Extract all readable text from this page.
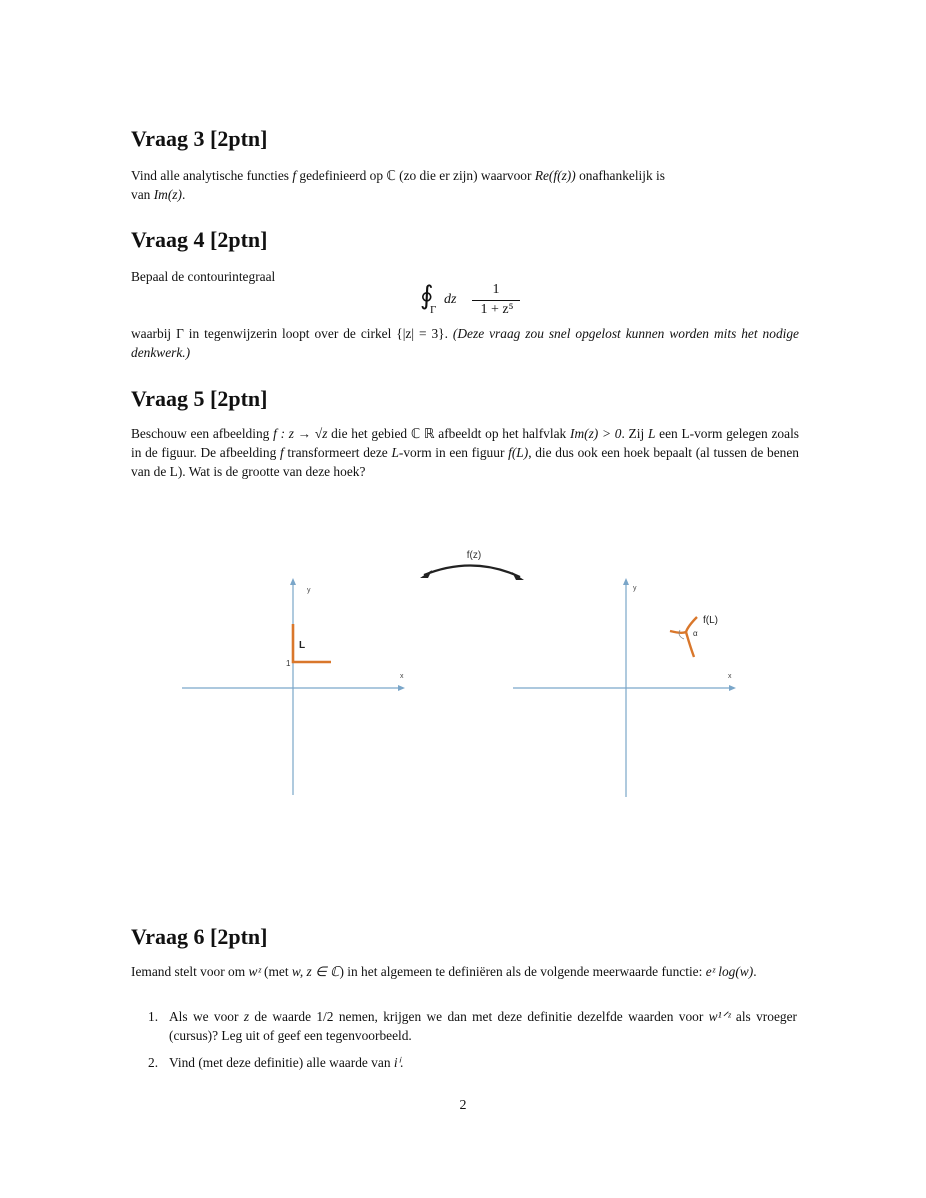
Vraag 3 [2ptn]

Vind alle analytische functies f gedefinieerd op ℂ (zo die er zijn) waarvoor Re(f(z)) onafhankelijk is
van Im(z).

Vraag 4 [2ptn]

Bepaal de contourintegraal

∮
Γ
dz
1
1 + z⁵

waarbij Γ in tegenwijzerin loopt over de cirkel {|z| = 3}. (Deze vraag zou snel opgelost kunnen worden mits het nodige denkwerk.)

Vraag 5 [2ptn]

Beschouw een afbeelding f : z → √z die het gebied ℂ ℝ afbeeldt op het halfvlak Im(z) > 0. Zij L een L-vorm gelegen zoals in de figuur. De afbeelding f transformeert deze L-vorm in een figuur f(L), die dus ook een hoek bepaalt (al tussen de benen van de L). Wat is de grootte van deze hoek?

f(z)
y
x
1
L
y
x
f(L)
α
Vraag 6 [2ptn]

Iemand stelt voor om wᶻ (met w, z ∈ ℂ) in het algemeen te definiëren als de volgende meerwaarde functie: eᶻ log(w).

1. Als we voor z de waarde 1/2 nemen, krijgen we dan met deze definitie dezelfde waarden voor w¹ᐟᶻ als vroeger (cursus)? Leg uit of geef een tegenvoorbeeld.
2. Vind (met deze definitie) alle waarde van iⁱ.
2
